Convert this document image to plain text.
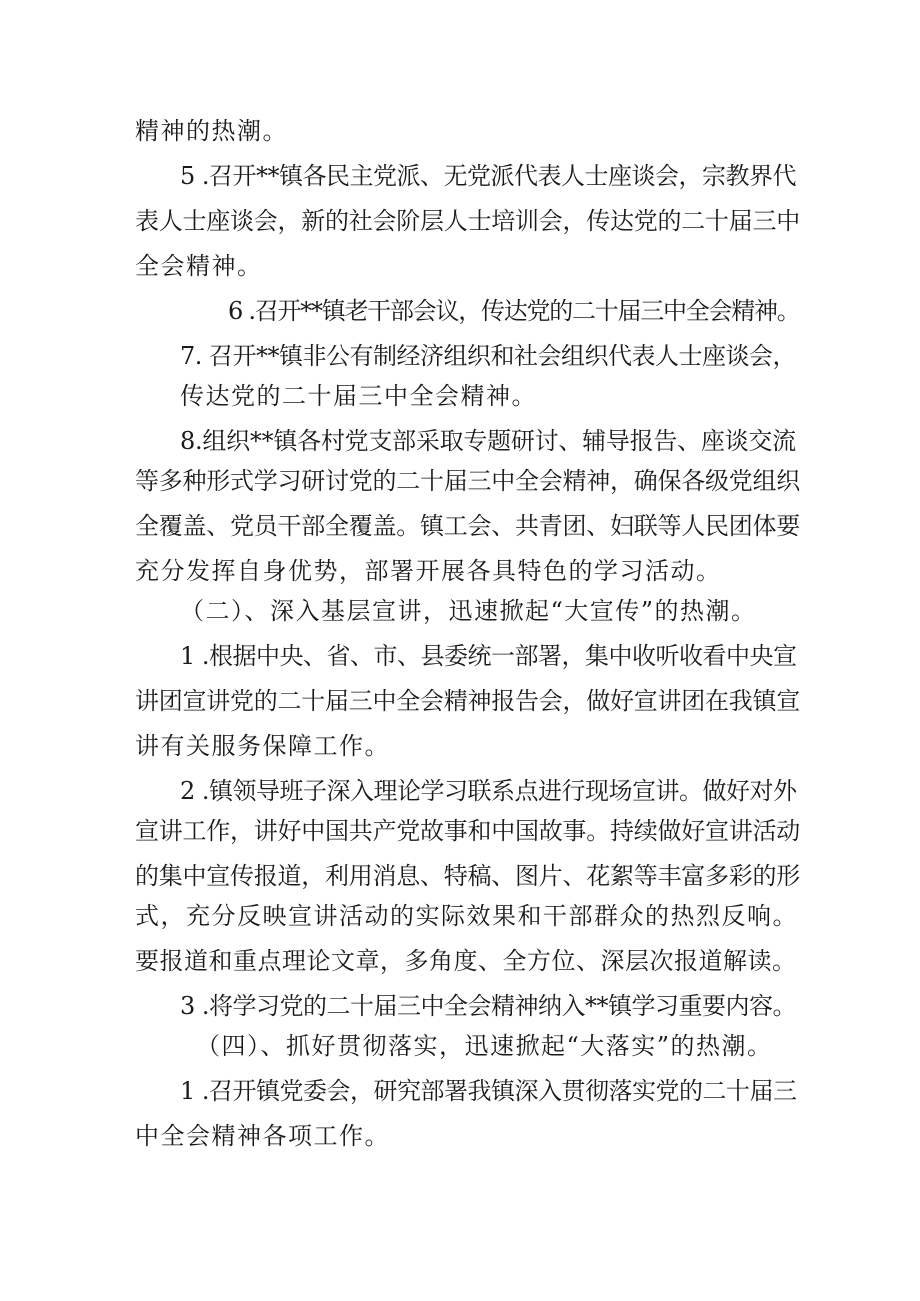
精神的热潮。
5 .召开**镇各民主党派、无党派代表人士座谈会，宗教界代
表人士座谈会，新的社会阶层人士培训会，传达党的二十届三中
全会精神。
6 .召开**镇老干部会议，传达党的二十届三中全会精神。
7. 召开**镇非公有制经济组织和社会组织代表人士座谈会，
传达党的二十届三中全会精神。
8.组织**镇各村党支部采取专题研讨、辅导报告、座谈交流
等多种形式学习研讨党的二十届三中全会精神，确保各级党组织
全覆盖、党员干部全覆盖。镇工会、共青团、妇联等人民团体要
充分发挥自身优势，部署开展各具特色的学习活动。
（二）、深入基层宣讲，迅速掀起“大宣传”的热潮。
1 .根据中央、省、市、县委统一部署，集中收听收看中央宣
讲团宣讲党的二十届三中全会精神报告会，做好宣讲团在我镇宣
讲有关服务保障工作。
2 .镇领导班子深入理论学习联系点进行现场宣讲。做好对外
宣讲工作，讲好中国共产党故事和中国故事。持续做好宣讲活动
的集中宣传报道，利用消息、特稿、图片、花絮等丰富多彩的形
式，充分反映宣讲活动的实际效果和干部群众的热烈反响。
要报道和重点理论文章，多角度、全方位、深层次报道解读。
3 .将学习党的二十届三中全会精神纳入**镇学习重要内容。
（四）、抓好贯彻落实，迅速掀起“大落实”的热潮。
1 .召开镇党委会，研究部署我镇深入贯彻落实党的二十届三
中全会精神各项工作。
